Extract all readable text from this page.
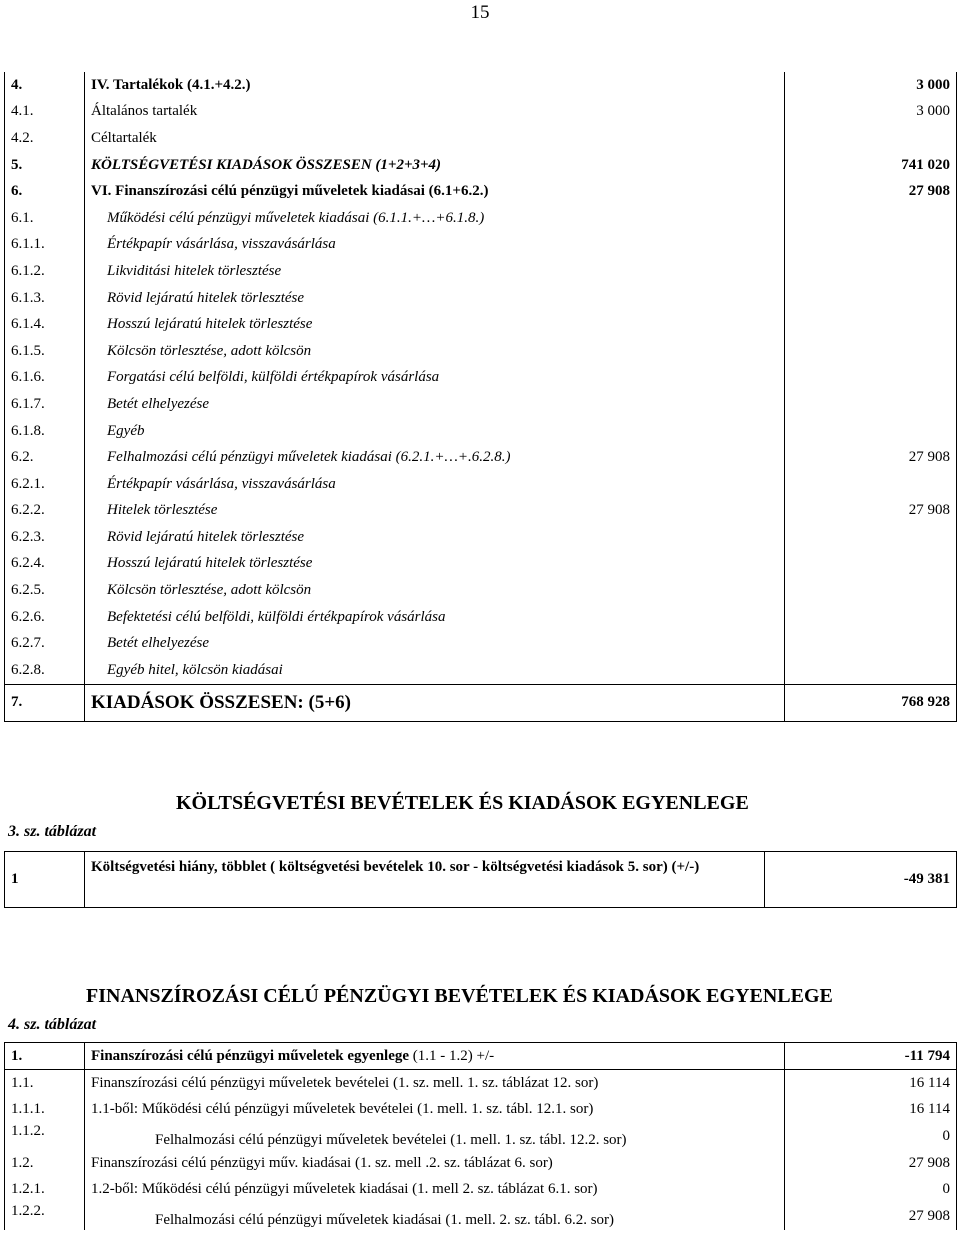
15
4.	IV. Tartalékok (4.1.+4.2.)	3 000
4.1.	Általános tartalék	3 000
4.2.	Céltartalék	
5.	KÖLTSÉGVETÉSI KIADÁSOK ÖSSZESEN (1+2+3+4)	741 020
6.	VI. Finanszírozási célú pénzügyi műveletek kiadásai (6.1+6.2.)	27 908
6.1.	Működési célú pénzügyi műveletek kiadásai (6.1.1.+…+6.1.8.)	
6.1.1.	Értékpapír vásárlása, visszavásárlása	
6.1.2.	Likviditási hitelek törlesztése	
6.1.3.	Rövid lejáratú hitelek törlesztése	
6.1.4.	Hosszú lejáratú hitelek törlesztése	
6.1.5.	Kölcsön törlesztése, adott kölcsön	
6.1.6.	Forgatási célú belföldi, külföldi értékpapírok vásárlása	
6.1.7.	Betét elhelyezése	
6.1.8.	Egyéb	
6.2.	Felhalmozási célú pénzügyi műveletek kiadásai (6.2.1.+…+.6.2.8.)	27 908
6.2.1.	Értékpapír vásárlása, visszavásárlása	
6.2.2.	Hitelek törlesztése	27 908
6.2.3.	Rövid lejáratú hitelek törlesztése	
6.2.4.	Hosszú lejáratú hitelek törlesztése	
6.2.5.	Kölcsön törlesztése, adott kölcsön	
6.2.6.	Befektetési célú belföldi, külföldi értékpapírok vásárlása	
6.2.7.	Betét elhelyezése	
6.2.8.	Egyéb hitel, kölcsön kiadásai	
7.	KIADÁSOK ÖSSZESEN: (5+6)	768 928
KÖLTSÉGVETÉSI BEVÉTELEK ÉS KIADÁSOK EGYENLEGE
3. sz. táblázat
1	Költségvetési hiány, többlet ( költségvetési bevételek 10. sor - költségvetési kiadások 5. sor) (+/-)	-49 381
FINANSZÍROZÁSI CÉLÚ PÉNZÜGYI BEVÉTELEK ÉS KIADÁSOK EGYENLEGE
4. sz. táblázat
1.	Finanszírozási célú pénzügyi műveletek egyenlege (1.1 - 1.2) +/-	-11 794
1.1.	Finanszírozási célú pénzügyi műveletek bevételei (1. sz. mell. 1. sz. táblázat 12. sor)	16 114
1.1.1.	1.1-ből: Működési célú pénzügyi műveletek bevételei (1. mell. 1. sz. tábl. 12.1. sor)	16 114
1.1.2.	Felhalmozási célú pénzügyi műveletek bevételei (1. mell. 1. sz. tábl. 12.2. sor)	0
1.2.	Finanszírozási célú pénzügyi műv. kiadásai (1. sz. mell .2. sz. táblázat 6. sor)	27 908
1.2.1.	1.2-ből: Működési célú pénzügyi műveletek kiadásai (1. mell 2. sz. táblázat 6.1. sor)	0
1.2.2.	Felhalmozási célú pénzügyi műveletek kiadásai (1. mell. 2. sz. tábl. 6.2. sor)	27 908
